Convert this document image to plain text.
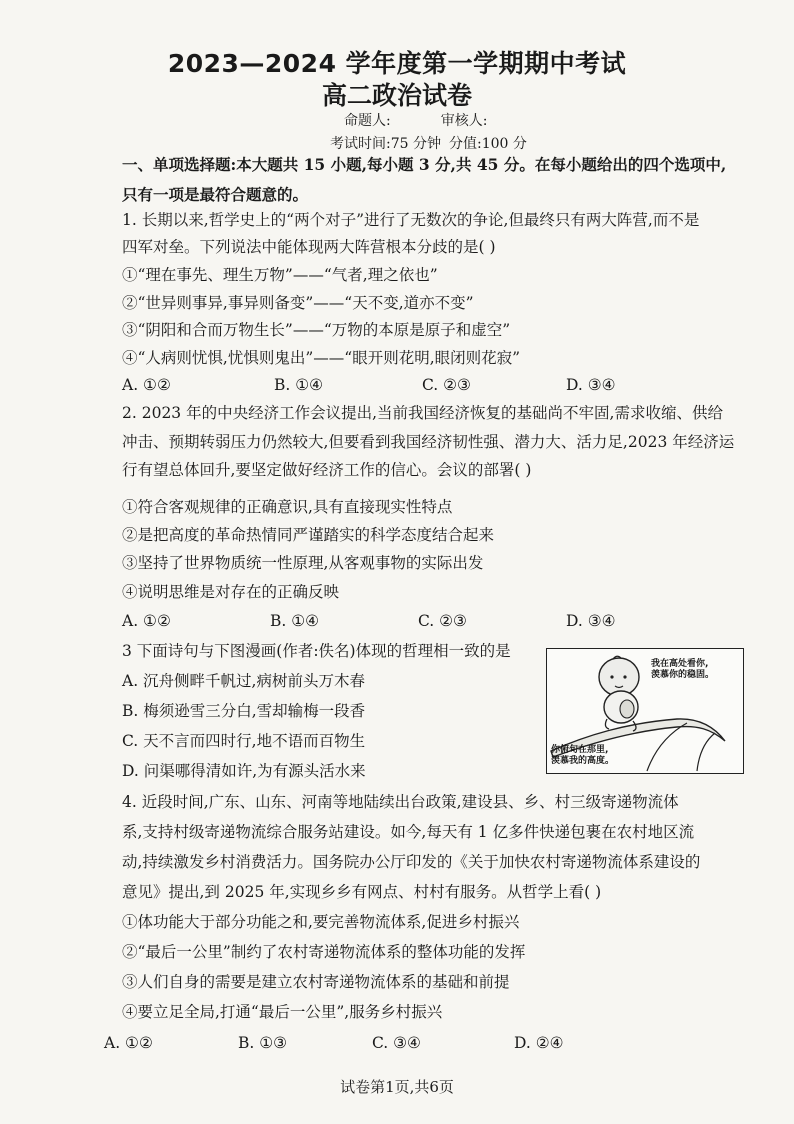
2023—2024 学年度第一学期期中考试
高二政治试卷
命题人:	审核人:
考试时间:75 分钟 分值:100 分
一、单项选择题:本大题共 15 小题,每小题 3 分,共 45 分。在每小题给出的四个选项中,
只有一项是最符合题意的。
1. 长期以来,哲学史上的“两个对子”进行了无数次的争论,但最终只有两大阵营,而不是
四军对垒。下列说法中能体现两大阵营根本分歧的是( )
①“理在事先、理生万物”——“气者,理之依也”
②“世异则事异,事异则备变”——“天不变,道亦不变”
③“阴阳和合而万物生长”——“万物的本原是原子和虚空”
④“人病则忧惧,忧惧则鬼出”——“眼开则花明,眼闭则花寂”
A. ①②	B. ①④	C. ②③	D. ③④
2. 2023 年的中央经济工作会议提出,当前我国经济恢复的基础尚不牢固,需求收缩、供给
冲击、预期转弱压力仍然较大,但要看到我国经济韧性强、潜力大、活力足,2023 年经济运
行有望总体回升,要坚定做好经济工作的信心。会议的部署( )
①符合客观规律的正确意识,具有直接现实性特点
②是把高度的革命热情同严谨踏实的科学态度结合起来
③坚持了世界物质统一性原理,从客观事物的实际出发
④说明思维是对存在的正确反映
A. ①②	B. ①④	C. ②③	D. ③④
3 下面诗句与下图漫画(作者:佚名)体现的哲理相一致的是
A. 沉舟侧畔千帆过,病树前头万木春
B. 梅须逊雪三分白,雪却输梅一段香
C. 天不言而四时行,地不语而百物生
D. 问渠哪得清如许,为有源头活水来
我在高处看你,
羡慕你的稳固。
你俯旬在那里,
羡慕我的高度。
4. 近段时间,广东、山东、河南等地陆续出台政策,建设县、乡、村三级寄递物流体
系,支持村级寄递物流综合服务站建设。如今,每天有 1 亿多件快递包裹在农村地区流
动,持续激发乡村消费活力。国务院办公厅印发的《关于加快农村寄递物流体系建设的
意见》提出,到 2025 年,实现乡乡有网点、村村有服务。从哲学上看( )
①体功能大于部分功能之和,要完善物流体系,促进乡村振兴
②“最后一公里”制约了农村寄递物流体系的整体功能的发挥
③人们自身的需要是建立农村寄递物流体系的基础和前提
④要立足全局,打通“最后一公里”,服务乡村振兴
A. ①②	B. ①③	C. ③④	D. ②④
试卷第1页,共6页
